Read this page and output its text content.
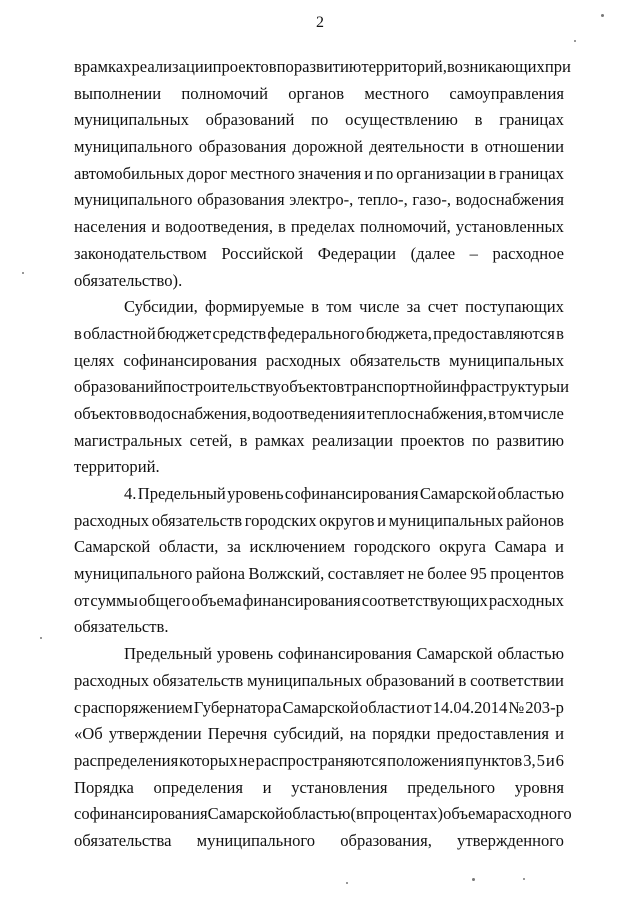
2
в рамках реализации проектов по развитию территорий, возникающих при
выполнении полномочий органов местного самоуправления
муниципальных образований по осуществлению в границах
муниципального образования дорожной деятельности в отношении
автомобильных дорог местного значения и по организации в границах
муниципального образования электро-, тепло-, газо-, водоснабжения
населения и водоотведения, в пределах полномочий, установленных
законодательством Российской Федерации (далее – расходное
обязательство).
Субсидии, формируемые в том числе за счет поступающих
в областной бюджет средств федерального бюджета, предоставляются в
целях софинансирования расходных обязательств муниципальных
образований по строительству объектов транспортной инфраструктуры и
объектов водоснабжения, водоотведения и теплоснабжения, в том числе
магистральных сетей, в рамках реализации проектов по развитию
территорий.
4. Предельный уровень софинансирования Самарской областью
расходных обязательств городских округов и муниципальных районов
Самарской области, за исключением городского округа Самара и
муниципального района Волжский, составляет не более 95 процентов
от суммы общего объема финансирования соответствующих расходных
обязательств.
Предельный уровень софинансирования Самарской областью
расходных обязательств муниципальных образований в соответствии
с распоряжением Губернатора Самарской области от 14.04.2014 № 203-р
«Об утверждении Перечня субсидий, на порядки предоставления и
распределения которых не распространяются положения пунктов 3, 5 и 6
Порядка определения и установления предельного уровня
софинансирования Самарской областью (в процентах) объема расходного
обязательства муниципального образования, утвержденного
